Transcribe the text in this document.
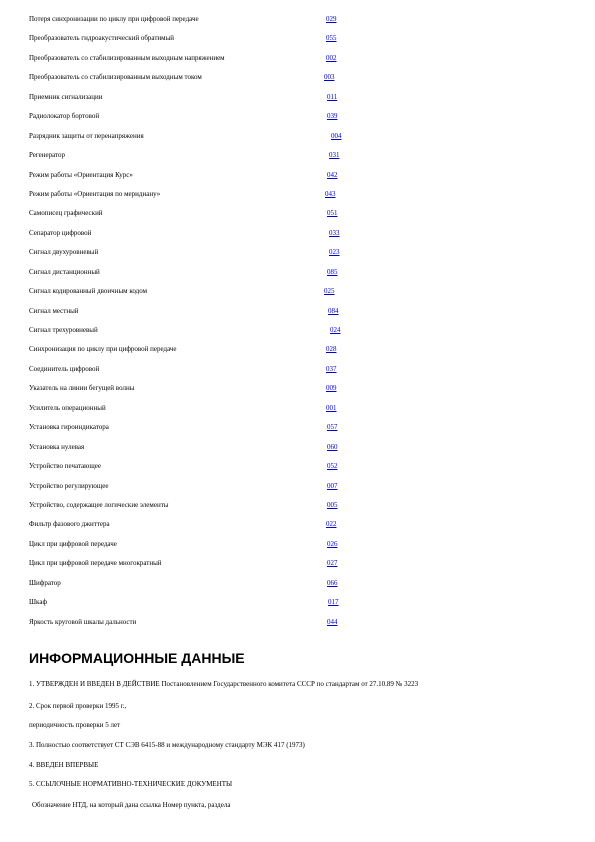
Потеря синхронизации по циклу при цифровой передаче	029
Преобразователь гидроакустический обратимый	055
Преобразователь со стабилизированным выходным напряжением	002
Преобразователь со стабилизированным выходным током	003
Приемник сигнализации	011
Радиолокатор бортовой	039
Разрядник защиты от перенапряжения	004
Регенератор	031
Режим работы «Ориентация Курс»	042
Режим работы «Ориентация по меридиану»	043
Самописец графический	051
Сепаратор цифровой	033
Сигнал двухуровневый	023
Сигнал дистанционный	085
Сигнал кодированный двоичным кодом	025
Сигнал местный	084
Сигнал трехуровневый	024
Синхронизация по циклу при цифровой передаче	028
Соединитель цифровой	037
Указатель на линии бегущей волны	009
Усилитель операционный	001
Установка гироиндикатора	057
Установка нулевая	060
Устройство печатающее	052
Устройство регулирующее	007
Устройство, содержащее логические элементы	005
Фильтр фазового джиттера	022
Цикл при цифровой передаче	026
Цикл при цифровой передаче многократный	027
Шифратор	066
Шкаф	017
Яркость круговой шкалы дальности	044
ИНФОРМАЦИОННЫЕ ДАННЫЕ
1. УТВЕРЖДЕН И ВВЕДЕН В ДЕЙСТВИЕ Постановлением Государственного комитета СССР по стандартам от 27.10.89 № 3223
2. Срок первой проверки 1995 г.,
периодичность проверки 5 лет
3. Полностью соответствует СТ СЭВ 6415-88 и международному стандарту МЭК 417 (1973)
4. ВВЕДЕН ВПЕРВЫЕ
5. ССЫЛОЧНЫЕ НОРМАТИВНО-ТЕХНИЧЕСКИЕ ДОКУМЕНТЫ
Обозначение НТД, на который дана ссылка Номер пункта, раздела
